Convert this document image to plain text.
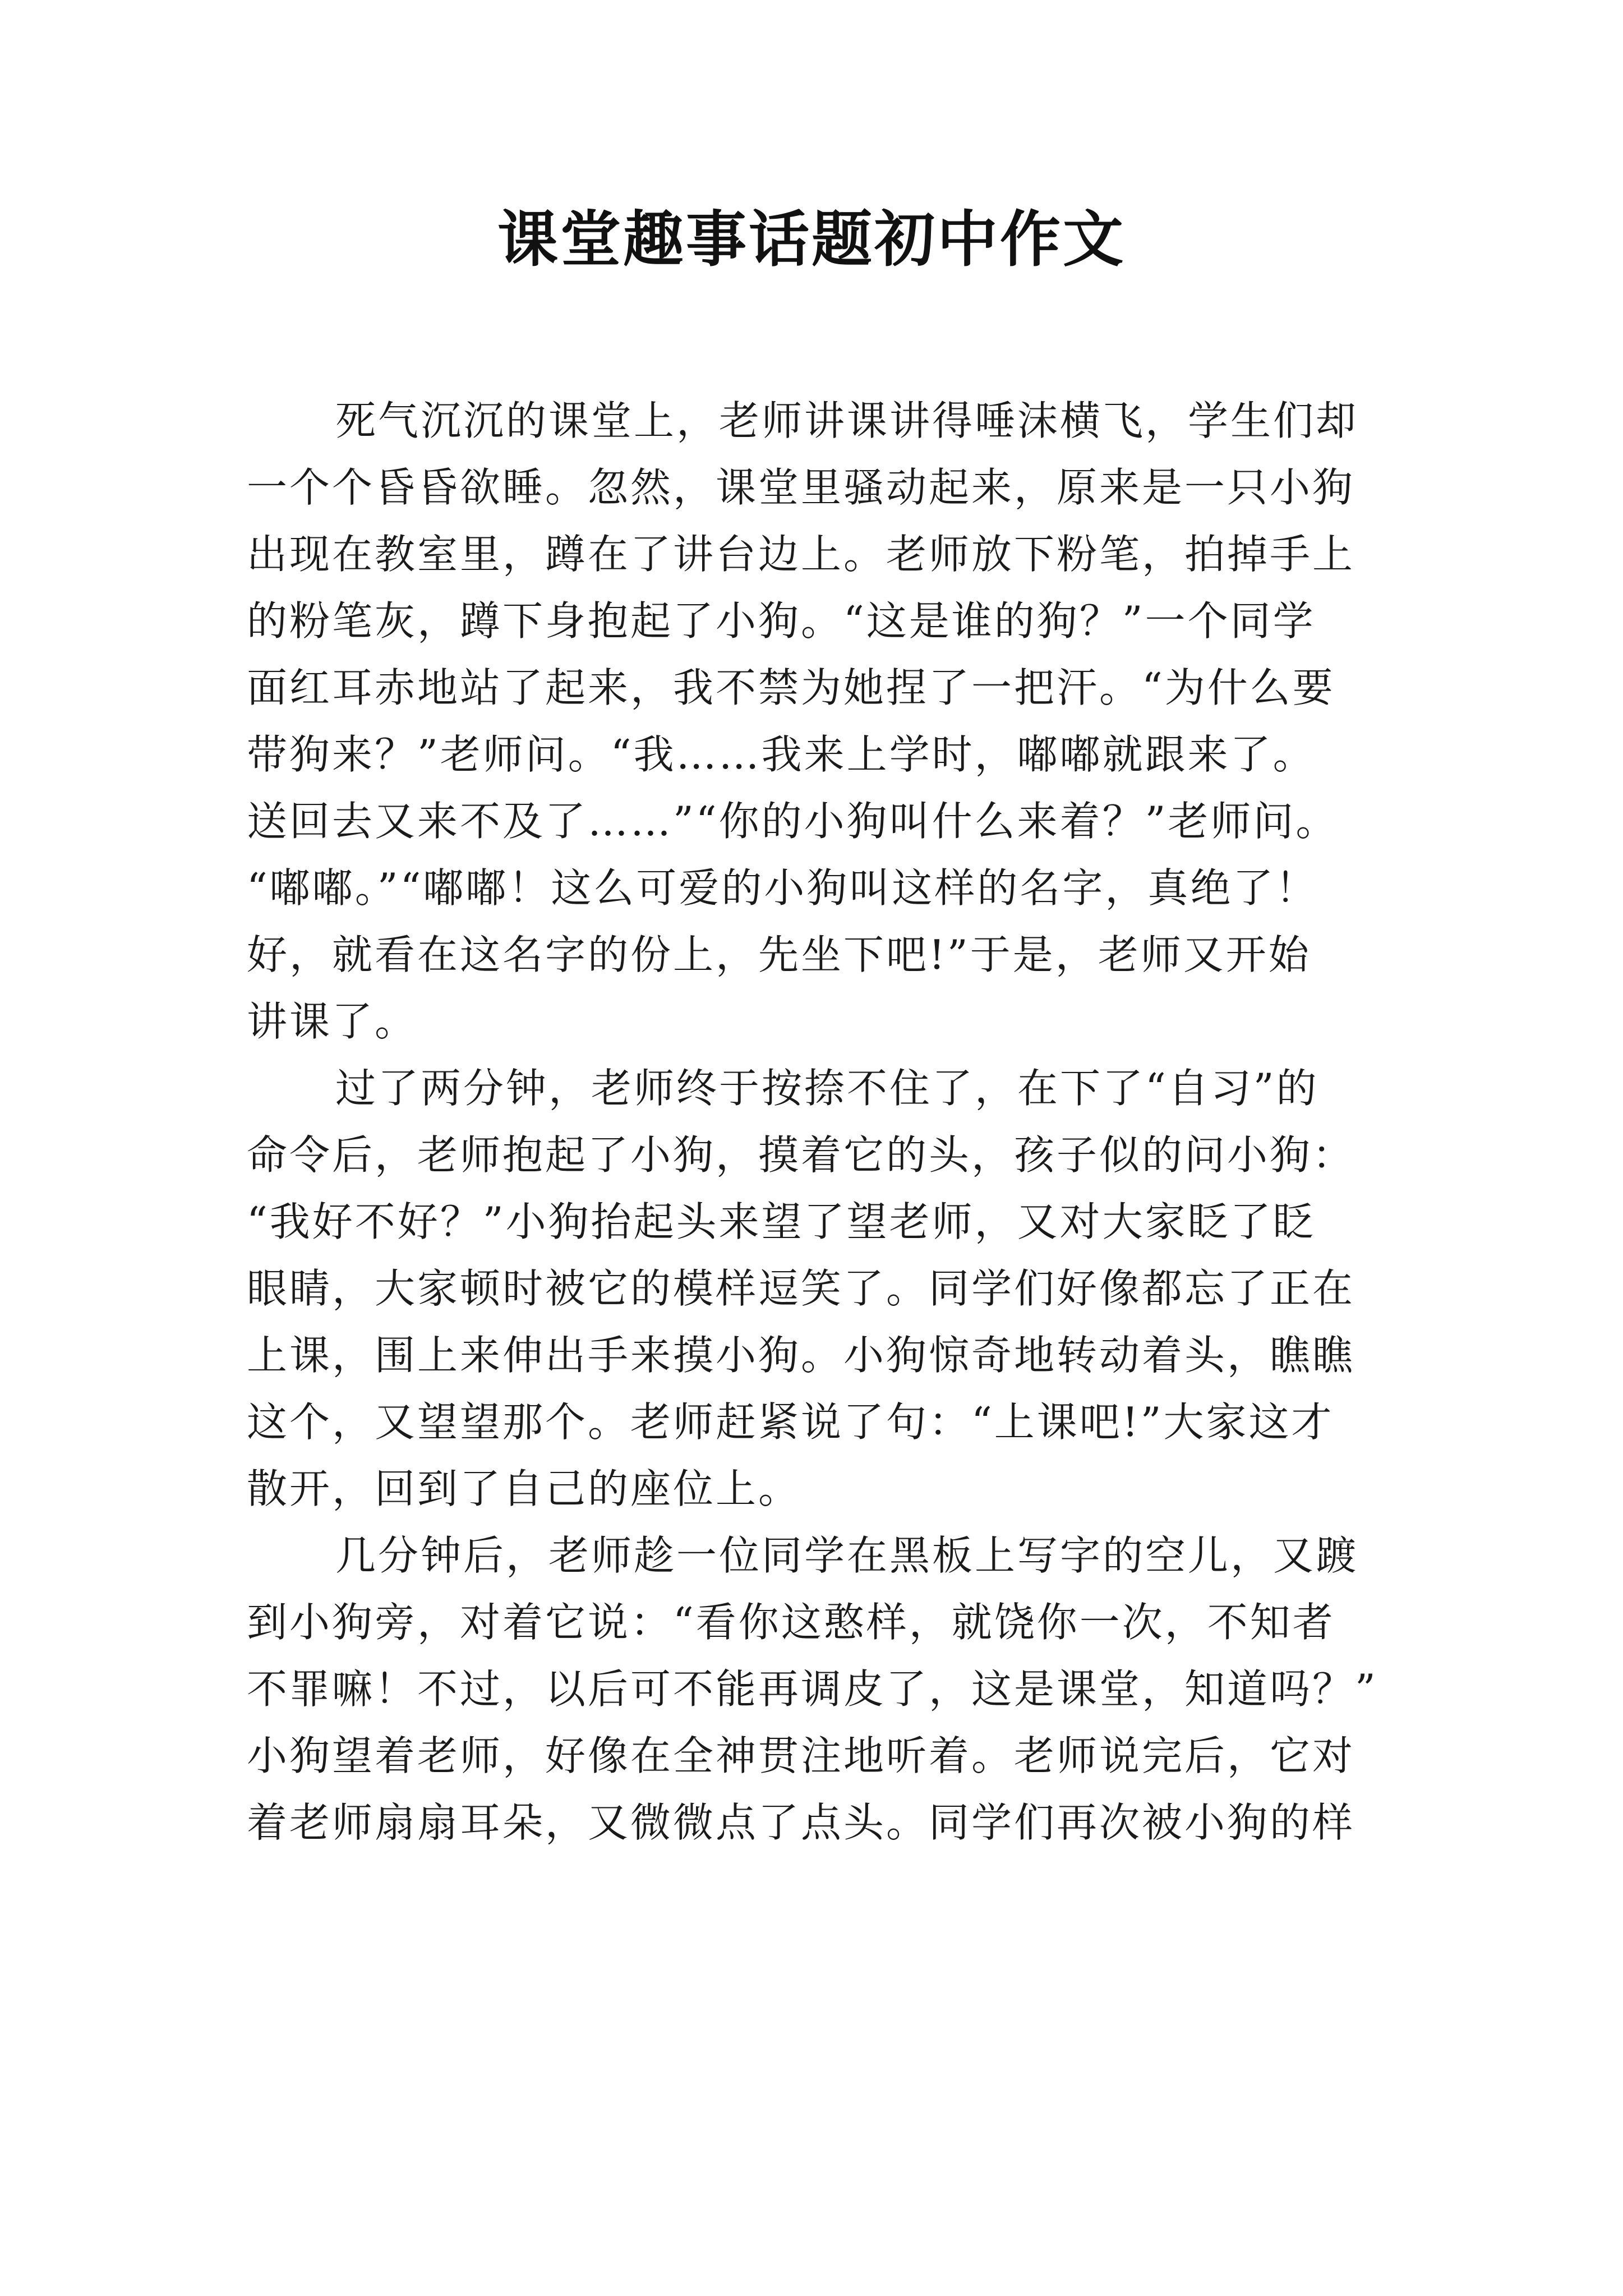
课堂趣事话题初中作文
死气沉沉的课堂上，老师讲课讲得唾沫横飞，学生们却
一个个昏昏欲睡。忽然，课堂里骚动起来，原来是一只小狗
出现在教室里，蹲在了讲台边上。老师放下粉笔，拍掉手上
的粉笔灰，蹲下身抱起了小狗。“这是谁的狗？”一个同学
面红耳赤地站了起来，我不禁为她捏了一把汗。“为什么要
带狗来？”老师问。“我……我来上学时，嘟嘟就跟来了。
送回去又来不及了……”“你的小狗叫什么来着？”老师问。
“嘟嘟。”“嘟嘟！这么可爱的小狗叫这样的名字，真绝了！
好，就看在这名字的份上，先坐下吧!”于是，老师又开始
讲课了。
过了两分钟，老师终于按捺不住了，在下了“自习”的
命令后，老师抱起了小狗，摸着它的头，孩子似的问小狗：
“我好不好？”小狗抬起头来望了望老师，又对大家眨了眨
眼睛，大家顿时被它的模样逗笑了。同学们好像都忘了正在
上课，围上来伸出手来摸小狗。小狗惊奇地转动着头，瞧瞧
这个，又望望那个。老师赶紧说了句：“上课吧!”大家这才
散开，回到了自己的座位上。
几分钟后，老师趁一位同学在黑板上写字的空儿，又踱
到小狗旁，对着它说：“看你这憨样，就饶你一次，不知者
不罪嘛！不过，以后可不能再调皮了，这是课堂，知道吗？”
小狗望着老师，好像在全神贯注地听着。老师说完后，它对
着老师扇扇耳朵，又微微点了点头。同学们再次被小狗的样
